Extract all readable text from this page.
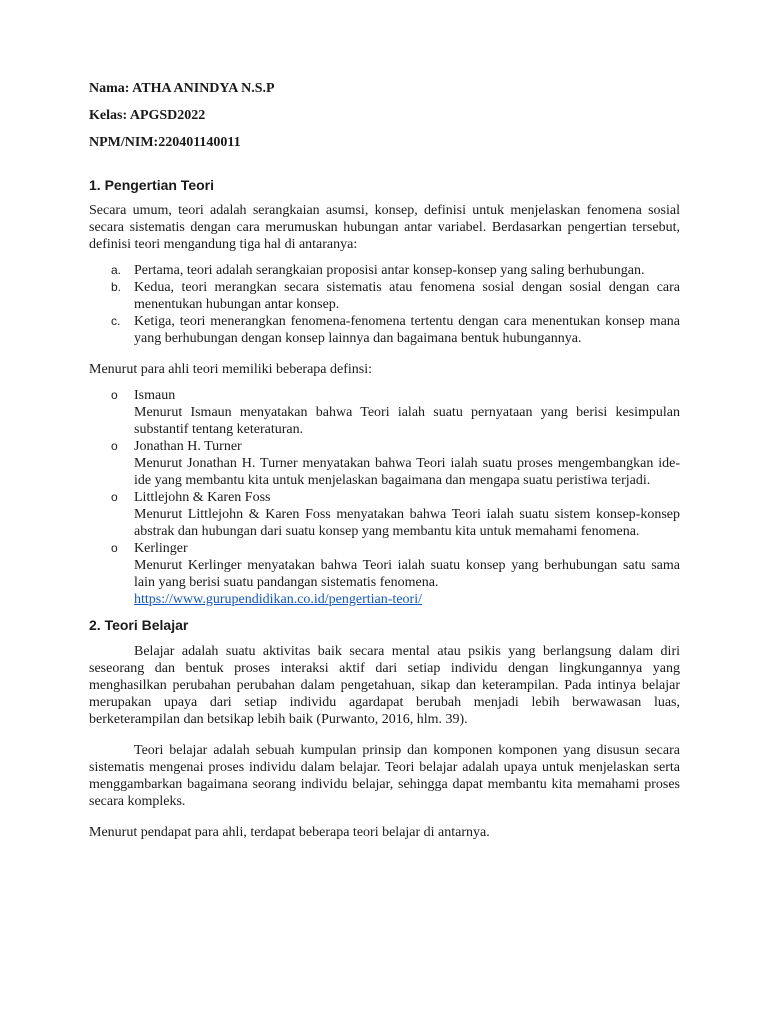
Nama: ATHA ANINDYA N.S.P

Kelas: APGSD2022

NPM/NIM:220401140011

1. Pengertian Teori

Secara umum, teori adalah serangkaian asumsi, konsep, definisi untuk menjelaskan fenomena sosial secara sistematis dengan cara merumuskan hubungan antar variabel. Berdasarkan pengertian tersebut, definisi teori mengandung tiga hal di antaranya:

a. Pertama, teori adalah serangkaian proposisi antar konsep-konsep yang saling berhubungan.
b. Kedua, teori merangkan secara sistematis atau fenomena sosial dengan sosial dengan cara menentukan hubungan antar konsep.
c. Ketiga, teori menerangkan fenomena-fenomena tertentu dengan cara menentukan konsep mana yang berhubungan dengan konsep lainnya dan bagaimana bentuk hubungannya.

Menurut para ahli teori memiliki beberapa definsi:

o Ismaun
Menurut Ismaun menyatakan bahwa Teori ialah suatu pernyataan yang berisi kesimpulan substantif tentang keteraturan.
o Jonathan H. Turner
Menurut Jonathan H. Turner menyatakan bahwa Teori ialah suatu proses mengembangkan ide-ide yang membantu kita untuk menjelaskan bagaimana dan mengapa suatu peristiwa terjadi.
o Littlejohn & Karen Foss
Menurut Littlejohn & Karen Foss menyatakan bahwa Teori ialah suatu sistem konsep-konsep abstrak dan hubungan dari suatu konsep yang membantu kita untuk memahami fenomena.
o Kerlinger
Menurut Kerlinger menyatakan bahwa Teori ialah suatu konsep yang berhubungan satu sama lain yang berisi suatu pandangan sistematis fenomena.
https://www.gurupendidikan.co.id/pengertian-teori/

2. Teori Belajar

Belajar adalah suatu aktivitas baik secara mental atau psikis yang berlangsung dalam diri seseorang dan bentuk proses interaksi aktif dari setiap individu dengan lingkungannya yang menghasilkan perubahan perubahan dalam pengetahuan, sikap dan keterampilan. Pada intinya belajar merupakan upaya dari setiap individu agardapat berubah menjadi lebih berwawasan luas, berketerampilan dan betsikap lebih baik (Purwanto, 2016, hlm. 39).

Teori belajar adalah sebuah kumpulan prinsip dan komponen komponen yang disusun secara sistematis mengenai proses individu dalam belajar. Teori belajar adalah upaya untuk menjelaskan serta menggambarkan bagaimana seorang individu belajar, sehingga dapat membantu kita memahami proses secara kompleks.

Menurut pendapat para ahli, terdapat beberapa teori belajar di antarnya.
